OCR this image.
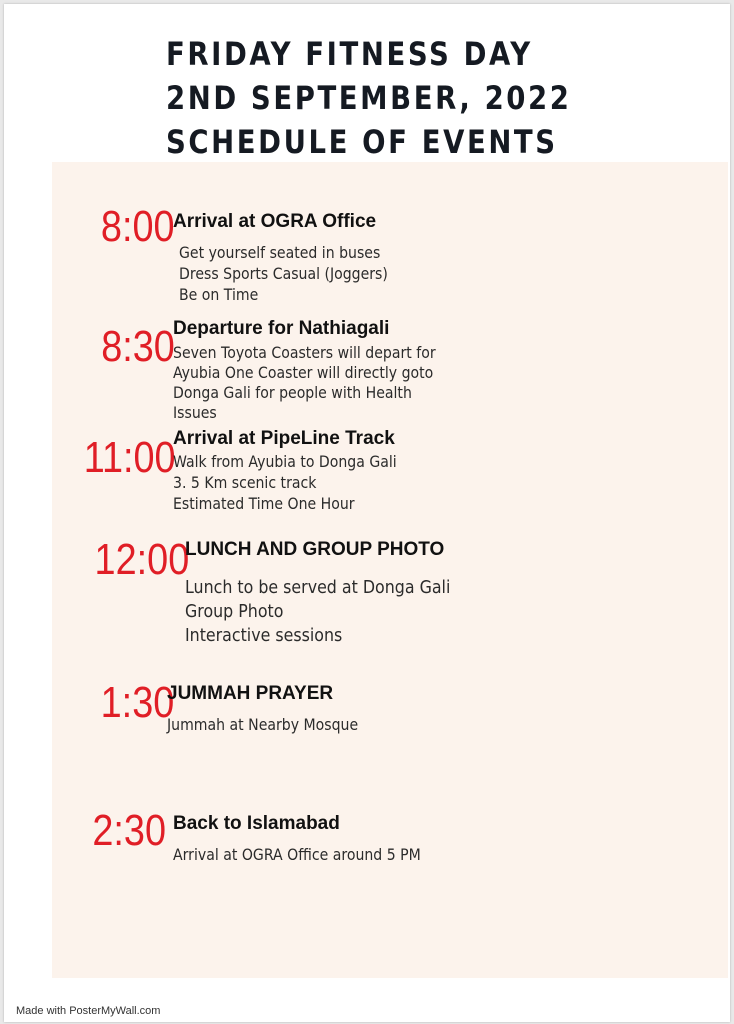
FRIDAY FITNESS DAY
2ND SEPTEMBER, 2022
SCHEDULE OF EVENTS
8:00
Arrival at OGRA Office
Get yourself seated in buses
Dress Sports Casual (Joggers)
Be on Time
8:30
Departure for Nathiagali
Seven Toyota Coasters will depart for
Ayubia One Coaster will directly goto
Donga Gali for people with Health
Issues
11:00
Arrival at PipeLine Track
Walk from Ayubia to Donga Gali
3. 5 Km scenic track
Estimated Time One Hour
12:00
LUNCH AND GROUP PHOTO
Lunch to be served at Donga Gali
Group Photo
Interactive sessions
1:30
JUMMAH PRAYER
Jummah at Nearby Mosque
2:30 Back to Islamabad
Arrival at OGRA Office around 5 PM
Made with PosterMyWall.com
